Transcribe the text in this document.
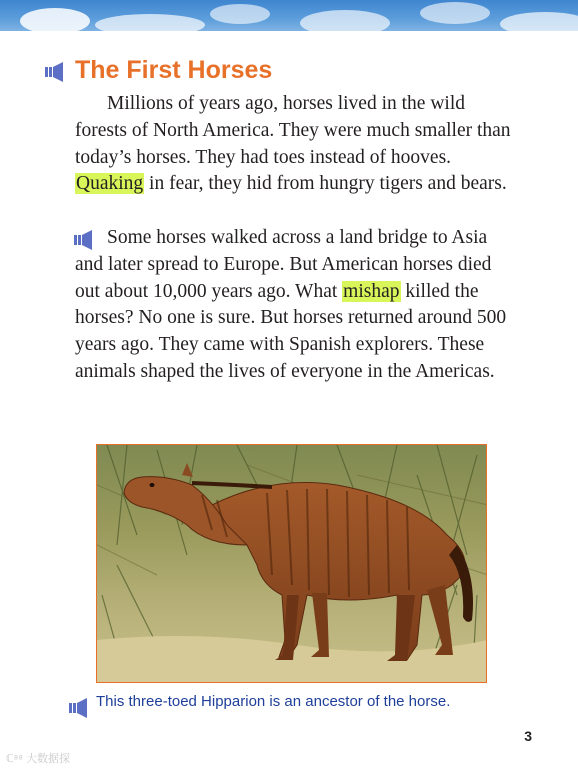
The First Horses
Millions of years ago, horses lived in the wild forests of North America. They were much smaller than today’s horses. They had toes instead of hooves. Quaking in fear, they hid from hungry tigers and bears.
Some horses walked across a land bridge to Asia and later spread to Europe. But American horses died out about 10,000 years ago. What mishap killed the horses? No one is sure. But horses returned around 500 years ago. They came with Spanish explorers. These animals shaped the lives of everyone in the Americas.
This three-toed Hipparion is an ancestor of the horse.
3
ℂ⁸⁸ 大数据探
